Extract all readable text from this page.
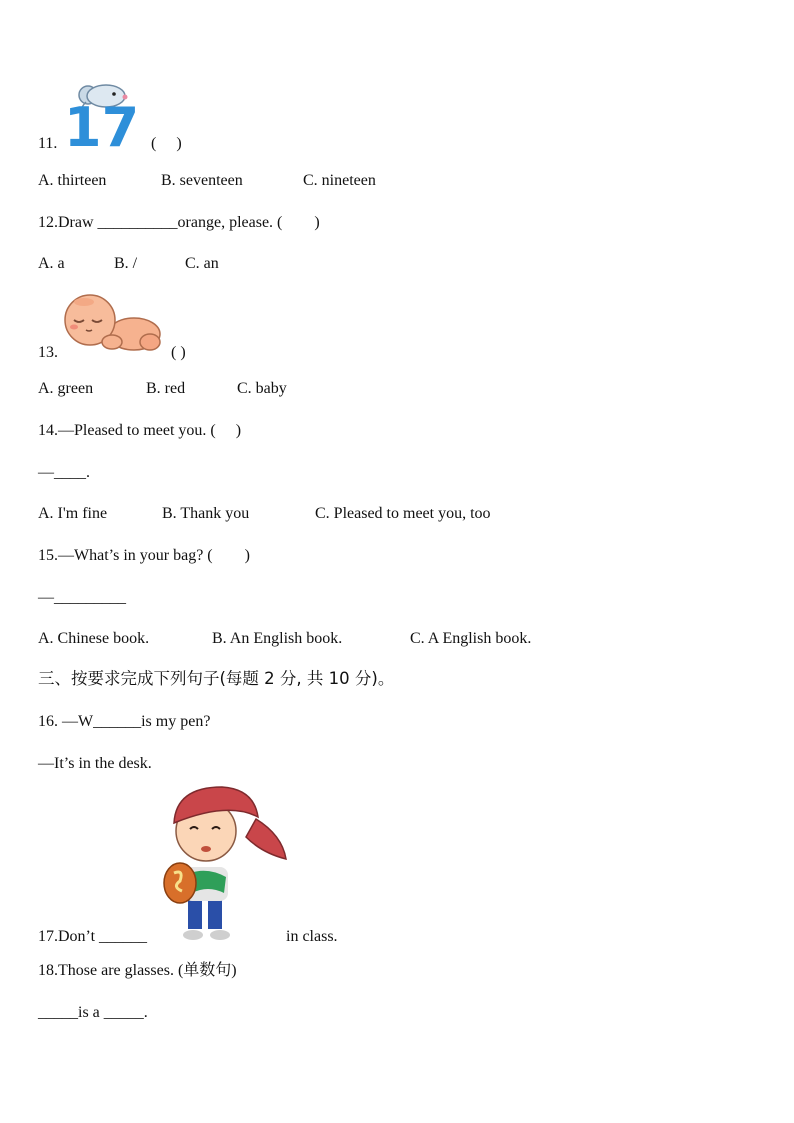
17
11.	(　 )
A. thirteen	B. seventeen	C. nineteen
12.Draw __________orange, please. (　　)
A. a	B. /	C. an
13.	( )
A. green	B. red	C. baby
14.—Pleased to meet you. (　 )
—____.
A. I'm fine	B. Thank you	C. Pleased to meet you, too
15.—What’s in your bag? (　　)
—_________
A. Chinese book.	B. An English book.	C. A English book.
三、按要求完成下列句子(每题 2 分, 共 10 分)。
16. —W______is my pen?
—It’s in the desk.
17.Don’t ______	in class.
18.Those are glasses. (单数句)
_____is a _____.
